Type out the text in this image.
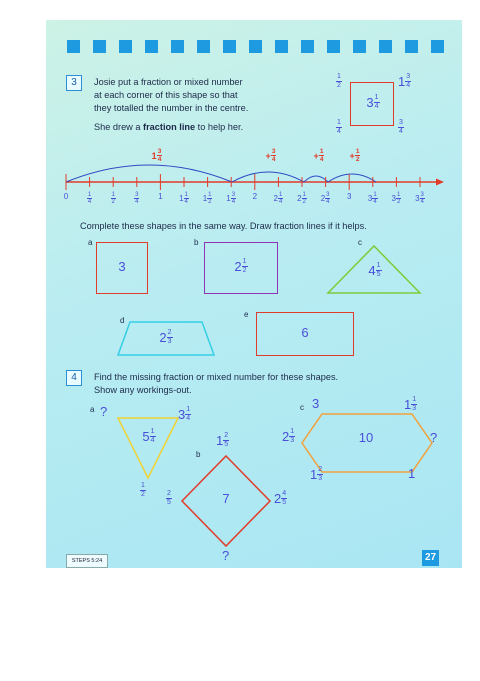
3	Josie put a fraction or mixed number
at each corner of this shape so that
they totalled the number in the centre.
She drew a fraction line to help her.
$3 \frac{1}{4}$
$\frac{1}{2}$	$1 \frac{3}{4}$
$\frac{1}{4}$	$\frac{3}{4}$
0	$\frac{1}{4}$	$\frac{1}{2}$	$\frac{3}{4}$	1	$1 \frac{1}{4}$	$1 \frac{1}{2}$	$1 \frac{3}{4}$	2	$2 \frac{1}{4}$	$2 \frac{1}{2}$	$2 \frac{3}{4}$	3	$3 \frac{1}{4}$	$3 \frac{1}{2}$	$3 \frac{3}{4}$
$1 \frac{3}{4}$	+ $\frac{3}{4}$	+ $\frac{1}{4}$	+ $\frac{1}{2}$
Complete these shapes in the same way. Draw fraction lines if it helps.
a
3
b
$2 \frac{1}{2}$
c
$4 \frac{1}{5}$
d
$2 \frac{2}{3}$
e
6
4	Find the missing fraction or mixed number for these shapes.
Show any workings-out.
a ?
$5 \frac{1}{4}$
$3 \frac{1}{4}$
$\frac{1}{2}$
b
7
$1 \frac{2}{5}$
$\frac{2}{5}$	$2 \frac{4}{5}$
?
c 3	$1 \frac{1}{3}$
$2 \frac{1}{3}$	10	?
$1 \frac{2}{3}$	1
STEPS 5:24	27
